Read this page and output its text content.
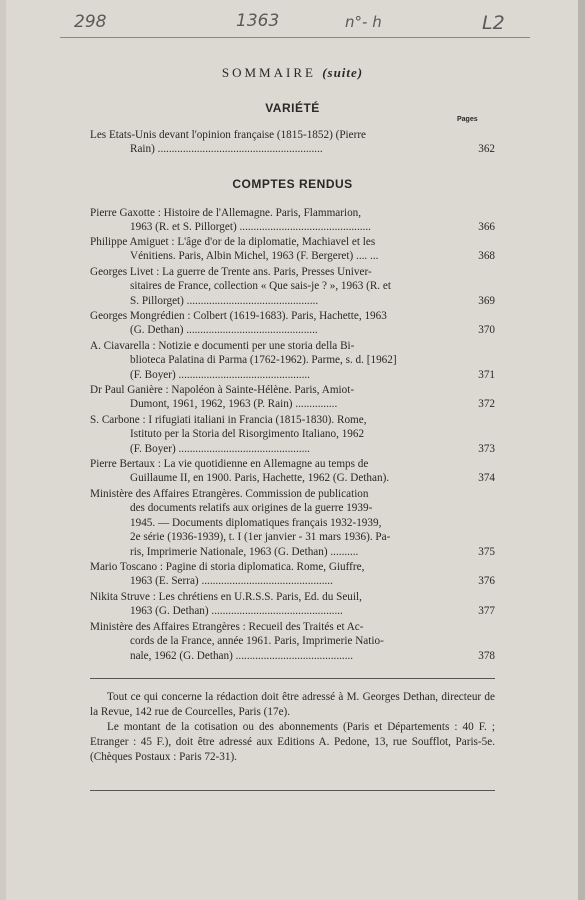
298	1363	n°- h	L2
SOMMAIRE (suite)
VARIÉTÉ
Pages
Les Etats-Unis devant l'opinion française (1815-1852) (Pierre
Rain) ...........................................................	362
COMPTES RENDUS
Pierre Gaxotte : Histoire de l'Allemagne. Paris, Flammarion,
1963 (R. et S. Pillorget) ...............................................	366
Philippe Amiguet : L'âge d'or de la diplomatie, Machiavel et les
Vénitiens. Paris, Albin Michel, 1963 (F. Bergeret) .... ...	368
Georges Livet : La guerre de Trente ans. Paris, Presses Univer-
sitaires de France, collection « Que sais-je ? », 1963 (R. et
S. Pillorget) ...............................................	369
Georges Mongrédien : Colbert (1619-1683). Paris, Hachette, 1963
(G. Dethan) ...............................................	370
A. Ciavarella : Notizie e documenti per une storia della Bi-
blioteca Palatina di Parma (1762-1962). Parme, s. d. [1962]
(F. Boyer) ...............................................	371
Dr Paul Ganière : Napoléon à Sainte-Hélène. Paris, Amiot-
Dumont, 1961, 1962, 1963 (P. Rain) ...............	372
S. Carbone : I rifugiati italiani in Francia (1815-1830). Rome,
Istituto per la Storia del Risorgimento Italiano, 1962
(F. Boyer) ...............................................	373
Pierre Bertaux : La vie quotidienne en Allemagne au temps de
Guillaume II, en 1900. Paris, Hachette, 1962 (G. Dethan).	374
Ministère des Affaires Etrangères. Commission de publication
des documents relatifs aux origines de la guerre 1939-
1945. — Documents diplomatiques français 1932-1939,
2e série (1936-1939), t. I (1er janvier - 31 mars 1936). Pa-
ris, Imprimerie Nationale, 1963 (G. Dethan) ..........	375
Mario Toscano : Pagine di storia diplomatica. Rome, Giuffre,
1963 (E. Serra) ...............................................	376
Nikita Struve : Les chrétiens en U.R.S.S. Paris, Ed. du Seuil,
1963 (G. Dethan) ...............................................	377
Ministère des Affaires Etrangères : Recueil des Traités et Ac-
cords de la France, année 1961. Paris, Imprimerie Natio-
nale, 1962 (G. Dethan) ..........................................	378

Tout ce qui concerne la rédaction doit être adressé à M. Georges Dethan, directeur de la Revue, 142 rue de Courcelles, Paris (17e).

Le montant de la cotisation ou des abonnements (Paris et Départements : 40 F. ; Etranger : 45 F.), doit être adressé aux Editions A. Pedone, 13, rue Soufflot, Paris-5e. (Chèques Postaux : Paris 72-31).
